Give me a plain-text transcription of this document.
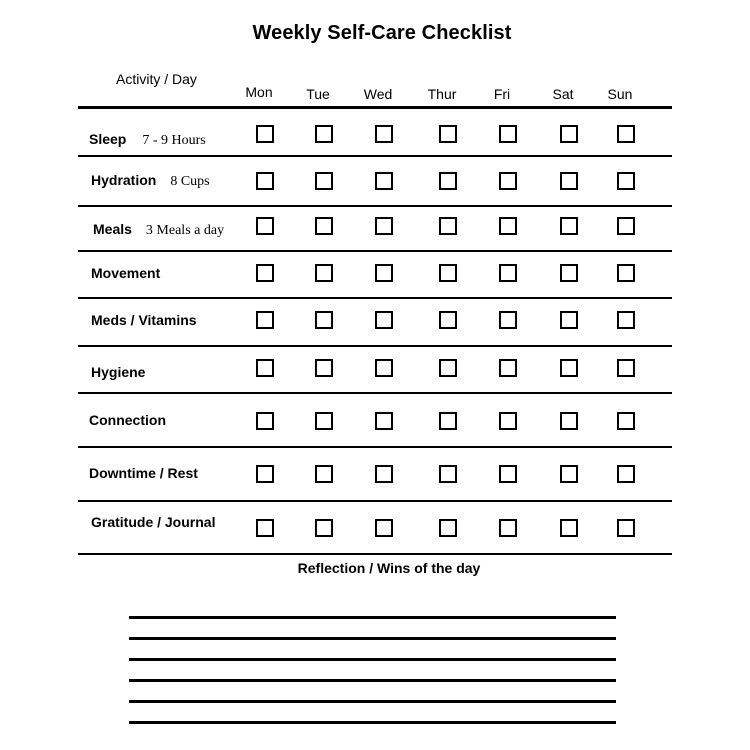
Weekly Self-Care Checklist
Activity / Day
Mon Tue Wed	Thur	Fri	Sat Sun
Sleep 7 - 9 Hours
Hydration 8 Cups
Meals 3 Meals a day
Movement
Meds / Vitamins
Hygiene
Connection
Downtime / Rest
Gratitude / Journal
Reflection / Wins of the day
